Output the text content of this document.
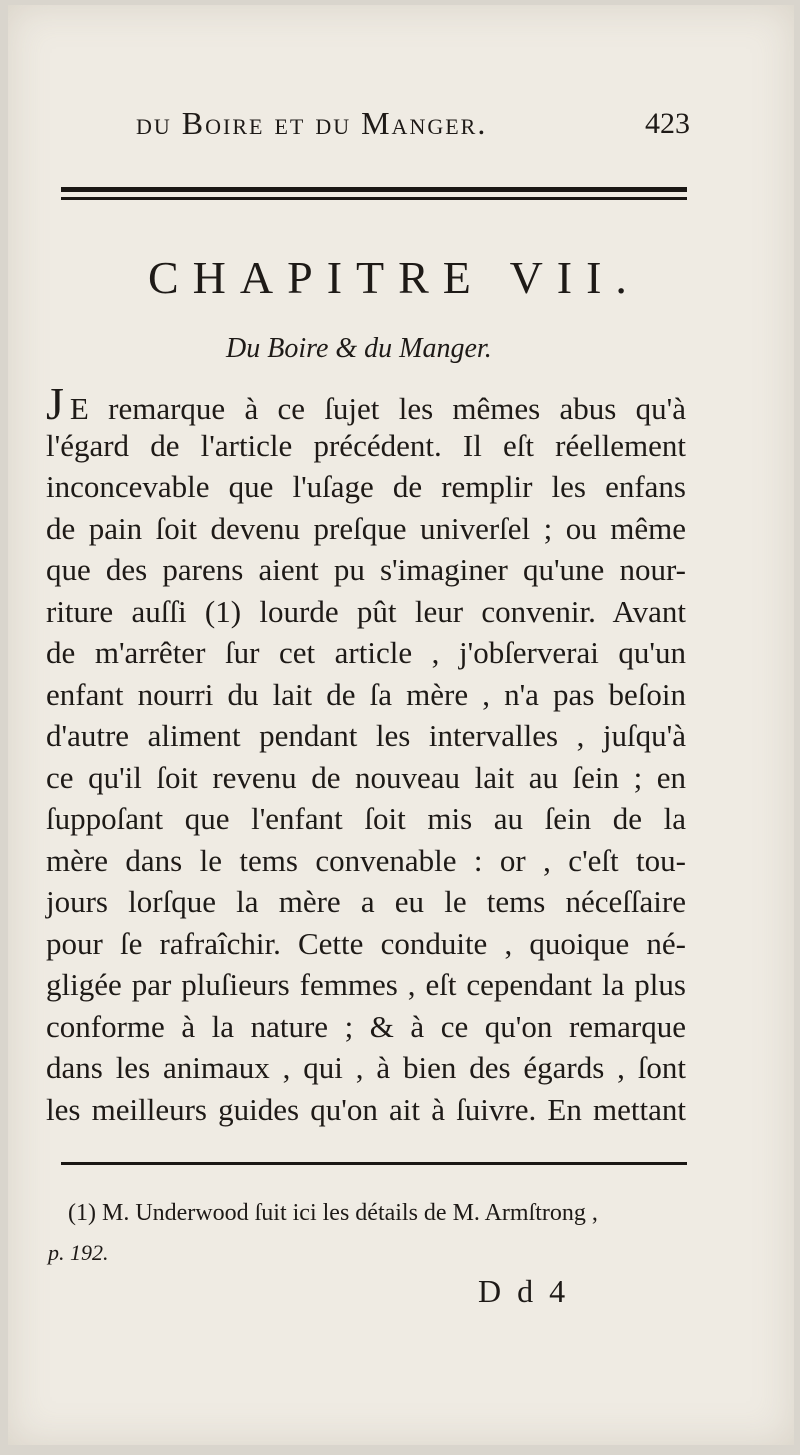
du Boire et du Manger.	423
CHAPITRE VII.
Du Boire & du Manger.
J E remarque à ce ſujet les mêmes abus qu'à
l'égard de l'article précédent. Il eſt réellement
inconcevable que l'uſage de remplir les enfans
de pain ſoit devenu preſque univerſel ; ou même
que des parens aient pu s'imaginer qu'une nour-
riture auſſi (1) lourde pût leur convenir. Avant
de m'arrêter ſur cet article , j'obſerverai qu'un
enfant nourri du lait de ſa mère , n'a pas beſoin
d'autre aliment pendant les intervalles , juſqu'à
ce qu'il ſoit revenu de nouveau lait au ſein ; en
ſuppoſant que l'enfant ſoit mis au ſein de la
mère dans le tems convenable : or , c'eſt tou-
jours lorſque la mère a eu le tems néceſſaire
pour ſe rafraîchir. Cette conduite , quoique né-
gligée par pluſieurs femmes , eſt cependant la plus
conforme à la nature ; & à ce qu'on remarque
dans les animaux , qui , à bien des égards , ſont
les meilleurs guides qu'on ait à ſuivre. En mettant
(1) M. Underwood ſuit ici les détails de M. Armſtrong ,
p. 192.
D d 4
